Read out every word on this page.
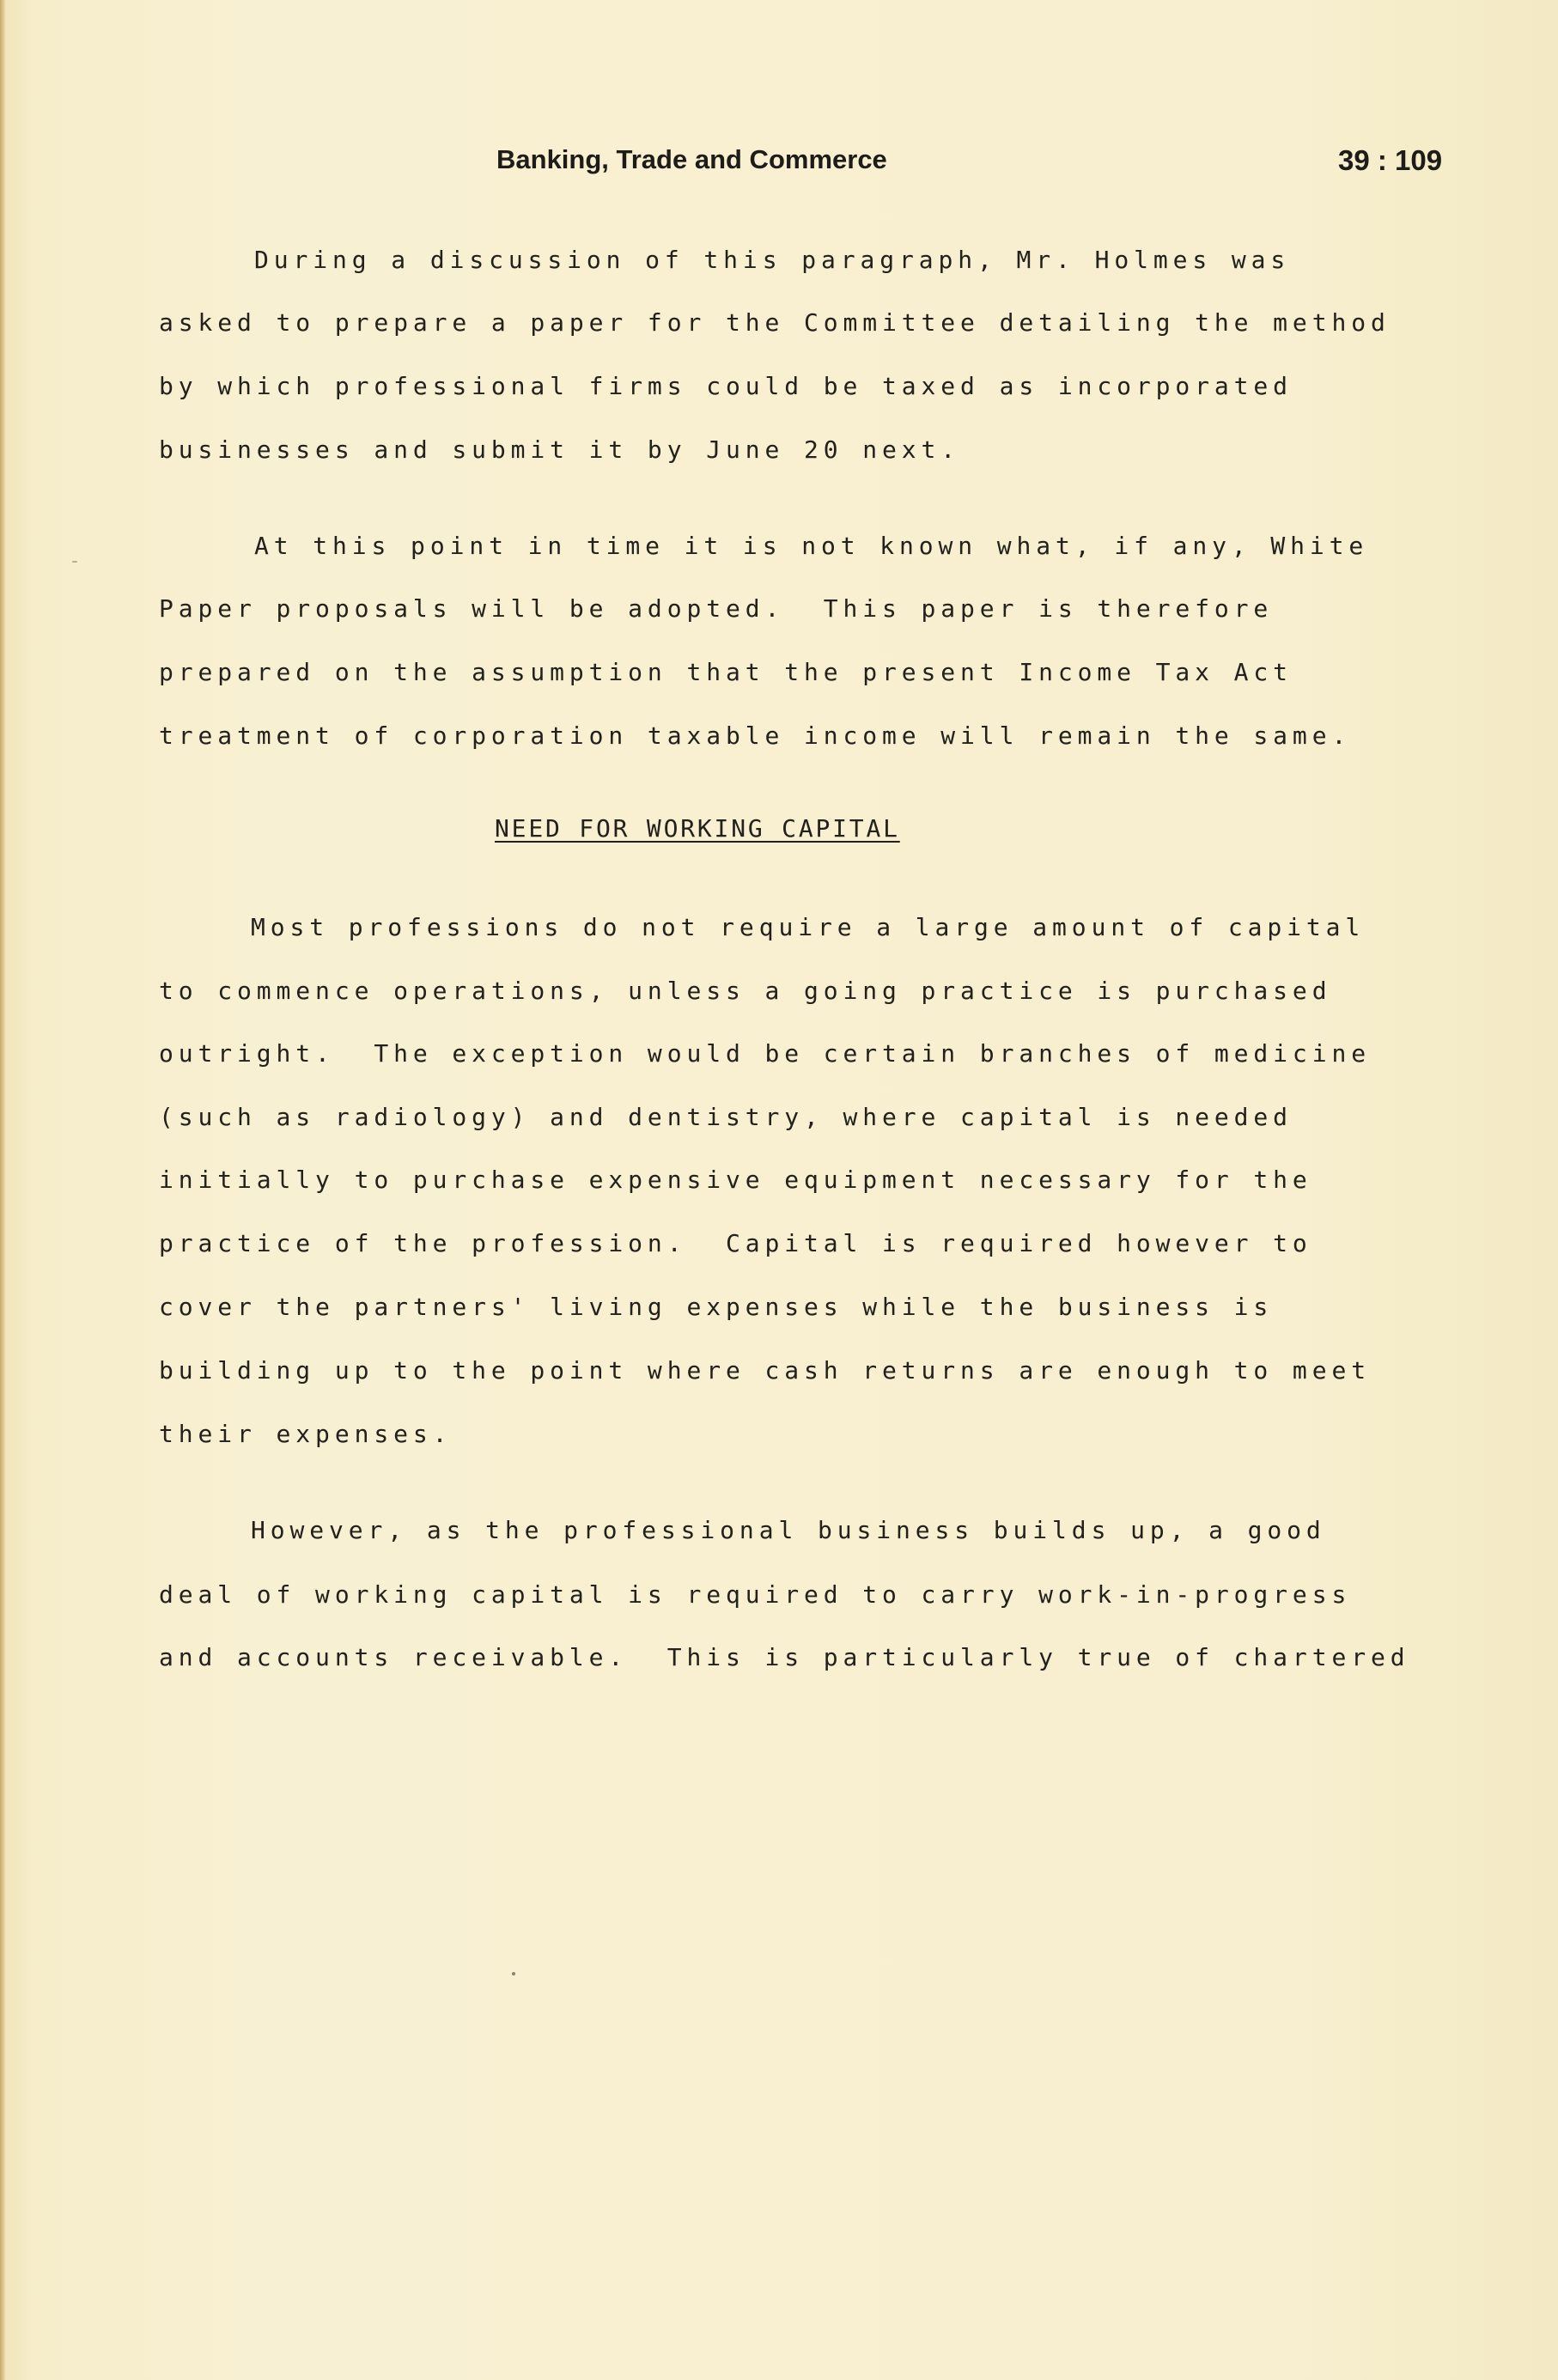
Banking, Trade and Commerce	39 : 109
During a discussion of this paragraph, Mr. Holmes was
asked to prepare a paper for the Committee detailing the method
by which professional firms could be taxed as incorporated
businesses and submit it by June 20 next.
At this point in time it is not known what, if any, White
Paper proposals will be adopted.  This paper is therefore
prepared on the assumption that the present Income Tax Act
treatment of corporation taxable income will remain the same.
NEED FOR WORKING CAPITAL
Most professions do not require a large amount of capital
to commence operations, unless a going practice is purchased
outright.  The exception would be certain branches of medicine
(such as radiology) and dentistry, where capital is needed
initially to purchase expensive equipment necessary for the
practice of the profession.  Capital is required however to
cover the partners' living expenses while the business is
building up to the point where cash returns are enough to meet
their expenses.
However, as the professional business builds up, a good
deal of working capital is required to carry work-in-progress
and accounts receivable.  This is particularly true of chartered
